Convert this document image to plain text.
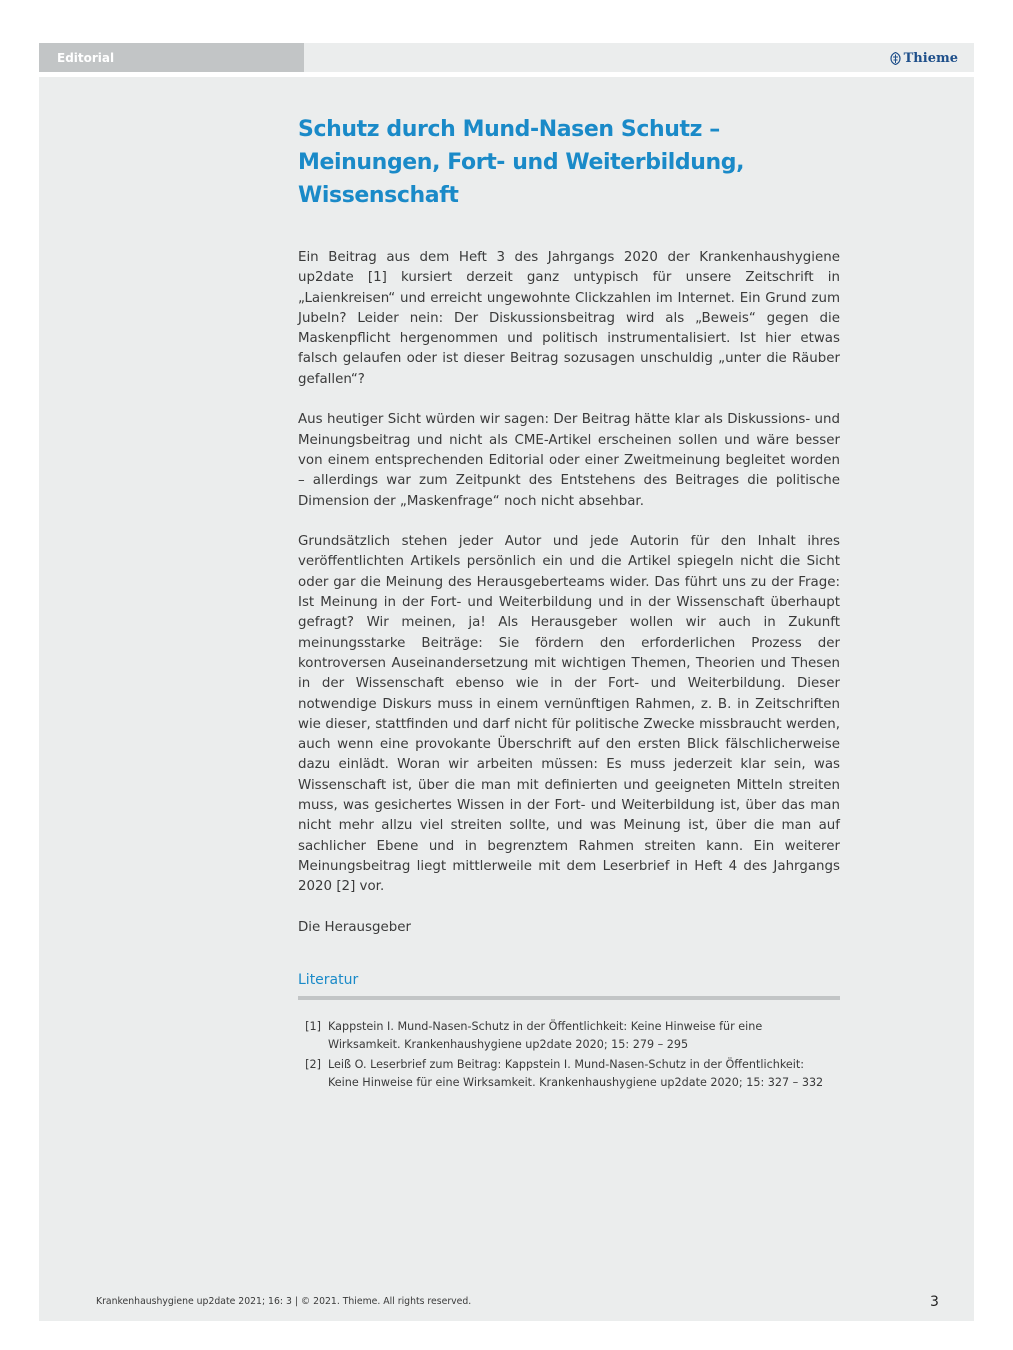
Editorial	Thieme
Schutz durch Mund-Nasen Schutz –
Meinungen, Fort- und Weiterbildung,
Wissenschaft

Ein Beitrag aus dem Heft 3 des Jahrgangs 2020 der Krankenhaushygiene up2date [1] kursiert derzeit ganz untypisch für unsere Zeitschrift in „Laienkreisen“ und erreicht ungewohnte Clickzahlen im Internet. Ein Grund zum Jubeln? Leider nein: Der Diskussionsbeitrag wird als „Beweis“ gegen die Maskenpflicht hergenommen und politisch instrumentalisiert. Ist hier etwas falsch gelaufen oder ist dieser Beitrag sozusagen unschuldig „unter die Räuber gefallen“?

Aus heutiger Sicht würden wir sagen: Der Beitrag hätte klar als Diskussions- und Meinungsbeitrag und nicht als CME-Artikel erscheinen sollen und wäre besser von einem entsprechenden Editorial oder einer Zweitmeinung begleitet worden – allerdings war zum Zeitpunkt des Entstehens des Beitrages die politische Dimension der „Maskenfrage“ noch nicht absehbar.

Grundsätzlich stehen jeder Autor und jede Autorin für den Inhalt ihres veröffentlichten Artikels persönlich ein und die Artikel spiegeln nicht die Sicht oder gar die Meinung des Herausgeberteams wider. Das führt uns zu der Frage: Ist Meinung in der Fort- und Weiterbildung und in der Wissenschaft überhaupt gefragt? Wir meinen, ja! Als Herausgeber wollen wir auch in Zukunft meinungsstarke Beiträge: Sie fördern den erforderlichen Prozess der kontroversen Auseinandersetzung mit wichtigen Themen, Theorien und Thesen in der Wissenschaft ebenso wie in der Fort- und Weiterbildung. Dieser notwendige Diskurs muss in einem vernünftigen Rahmen, z. B. in Zeitschriften wie dieser, stattfinden und darf nicht für politische Zwecke missbraucht werden, auch wenn eine provokante Überschrift auf den ersten Blick fälschlicherweise dazu einlädt. Woran wir arbeiten müssen: Es muss jederzeit klar sein, was Wissenschaft ist, über die man mit definierten und geeigneten Mitteln streiten muss, was gesichertes Wissen in der Fort- und Weiterbildung ist, über das man nicht mehr allzu viel streiten sollte, und was Meinung ist, über die man auf sachlicher Ebene und in begrenztem Rahmen streiten kann. Ein weiterer Meinungsbeitrag liegt mittlerweile mit dem Leserbrief in Heft 4 des Jahrgangs 2020 [2] vor.

Die Herausgeber

Literatur
[1] Kappstein I. Mund-Nasen-Schutz in der Öffentlichkeit: Keine Hinweise für eine Wirksamkeit. Krankenhaushygiene up2date 2020; 15: 279 – 295
[2] Leiß O. Leserbrief zum Beitrag: Kappstein I. Mund-Nasen-Schutz in der Öffentlichkeit: Keine Hinweise für eine Wirksamkeit. Krankenhaushygiene up2date 2020; 15: 327 – 332
Krankenhaushygiene up2date 2021; 16: 3 | © 2021. Thieme. All rights reserved.	3
